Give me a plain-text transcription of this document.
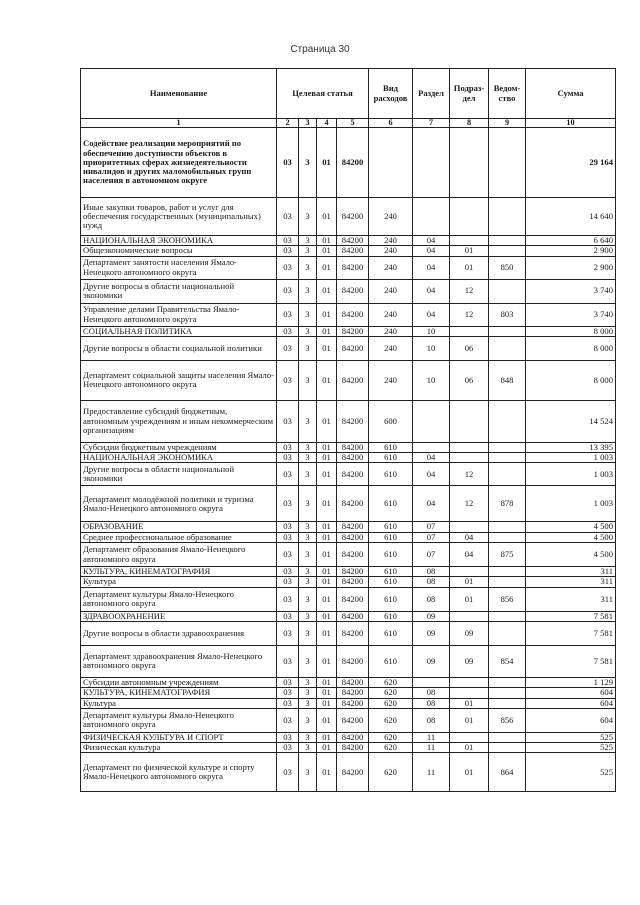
Страница 30
Наименование	Целевая статья				Вид расходов	Раздел	Подраз-дел	Ведом-ство	Сумма
1	2	3	4	5	6	7	8	9	10
Содействие реализации мероприятий по обеспечению доступности объектов в приоритетных сферах жизнедеятельности инвалидов и других маломобильных групп населения в автономном округе	03	3	01	84200					29 164
Иные закупки товаров, работ и услуг для обеспечения государственных (муниципальных) нужд	03	3	01	84200	240				14 640
НАЦИОНАЛЬНАЯ ЭКОНОМИКА	03	3	01	84200	240	04			6 640
Общеэкономические вопросы	03	3	01	84200	240	04	01		2 900
Департамент занятости населения Ямало-Ненецкого автономного округа	03	3	01	84200	240	04	01	850	2 900
Другие вопросы в области национальной экономики	03	3	01	84200	240	04	12		3 740
Управление делами Правительства Ямало-Ненецкого автономного округа	03	3	01	84200	240	04	12	803	3 740
СОЦИАЛЬНАЯ ПОЛИТИКА	03	3	01	84200	240	10			8 000
Другие вопросы в области социальной политики	03	3	01	84200	240	10	06		8 000
Департамент социальной защиты населения Ямало-Ненецкого автономного округа	03	3	01	84200	240	10	06	848	8 000
Предоставление субсидий бюджетным, автономным учреждениям и иным некоммерческим организациям	03	3	01	84200	600				14 524
Субсидии бюджетным учреждениям	03	3	01	84200	610				13 395
НАЦИОНАЛЬНАЯ ЭКОНОМИКА	03	3	01	84200	610	04			1 003
Другие вопросы в области национальной экономики	03	3	01	84200	610	04	12		1 003
Департамент молодёжной политики и туризма Ямало-Ненецкого автономного округа	03	3	01	84200	610	04	12	878	1 003
ОБРАЗОВАНИЕ	03	3	01	84200	610	07			4 500
Среднее профессиональное образование	03	3	01	84200	610	07	04		4 500
Департамент образования Ямало-Ненецкого автономного округа	03	3	01	84200	610	07	04	875	4 500
КУЛЬТУРА, КИНЕМАТОГРАФИЯ	03	3	01	84200	610	08			311
Культура	03	3	01	84200	610	08	01		311
Департамент культуры Ямало-Ненецкого автономного округа	03	3	01	84200	610	08	01	856	311
ЗДРАВООХРАНЕНИЕ	03	3	01	84200	610	09			7 581
Другие вопросы в области здравоохранения	03	3	01	84200	610	09	09		7 581
Департамент здравоохранения Ямало-Ненецкого автономного округа	03	3	01	84200	610	09	09	854	7 581
Субсидии автономным учреждениям	03	3	01	84200	620				1 129
КУЛЬТУРА, КИНЕМАТОГРАФИЯ	03	3	01	84200	620	08			604
Культура	03	3	01	84200	620	08	01		604
Департамент культуры Ямало-Ненецкого автономного округа	03	3	01	84200	620	08	01	856	604
ФИЗИЧЕСКАЯ КУЛЬТУРА И СПОРТ	03	3	01	84200	620	11			525
Физическая культура	03	3	01	84200	620	11	01		525
Департамент по физической культуре и спорту Ямало-Ненецкого автономного округа	03	3	01	84200	620	11	01	864	525
